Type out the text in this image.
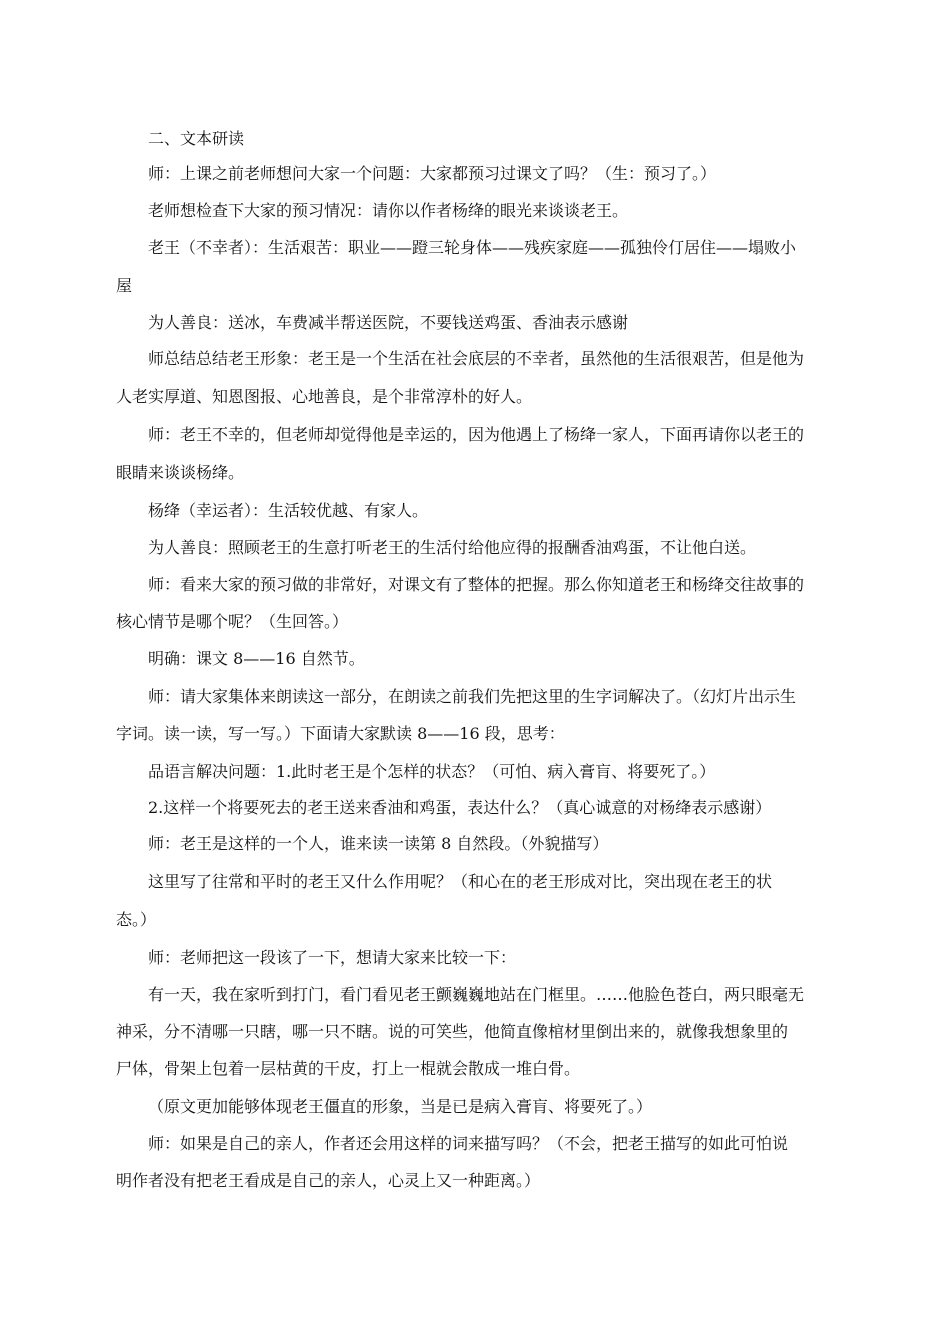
二、文本研读
师：上课之前老师想问大家一个问题：大家都预习过课文了吗？（生：预习了。）
老师想检查下大家的预习情况：请你以作者杨绛的眼光来谈谈老王。
老王（不幸者）：生活艰苦：职业——蹬三轮身体——残疾家庭——孤独伶仃居住——塌败小
屋
为人善良：送冰，车费减半帮送医院，不要钱送鸡蛋、香油表示感谢
师总结总结老王形象：老王是一个生活在社会底层的不幸者，虽然他的生活很艰苦，但是他为
人老实厚道、知恩图报、心地善良，是个非常淳朴的好人。
师：老王不幸的，但老师却觉得他是幸运的，因为他遇上了杨绛一家人，下面再请你以老王的
眼睛来谈谈杨绛。
杨绛（幸运者）：生活较优越、有家人。
为人善良：照顾老王的生意打听老王的生活付给他应得的报酬香油鸡蛋，不让他白送。
师：看来大家的预习做的非常好，对课文有了整体的把握。那么你知道老王和杨绛交往故事的
核心情节是哪个呢？（生回答。）
明确：课文 8——16 自然节。
师：请大家集体来朗读这一部分，在朗读之前我们先把这里的生字词解决了。（幻灯片出示生
字词。读一读，写一写。）下面请大家默读 8——16 段，思考：
品语言解决问题：1.此时老王是个怎样的状态？（可怕、病入膏肓、将要死了。）
2.这样一个将要死去的老王送来香油和鸡蛋，表达什么？（真心诚意的对杨绛表示感谢）
师：老王是这样的一个人，谁来读一读第 8 自然段。（外貌描写）
这里写了往常和平时的老王又什么作用呢？（和心在的老王形成对比，突出现在老王的状
态。）
师：老师把这一段该了一下，想请大家来比较一下：
有一天，我在家听到打门，看门看见老王颤巍巍地站在门框里。……他脸色苍白，两只眼毫无
神采，分不清哪一只瞎，哪一只不瞎。说的可笑些，他简直像棺材里倒出来的，就像我想象里的
尸体，骨架上包着一层枯黄的干皮，打上一棍就会散成一堆白骨。
（原文更加能够体现老王僵直的形象，当是已是病入膏肓、将要死了。）
师：如果是自己的亲人，作者还会用这样的词来描写吗？（不会，把老王描写的如此可怕说
明作者没有把老王看成是自己的亲人，心灵上又一种距离。）
